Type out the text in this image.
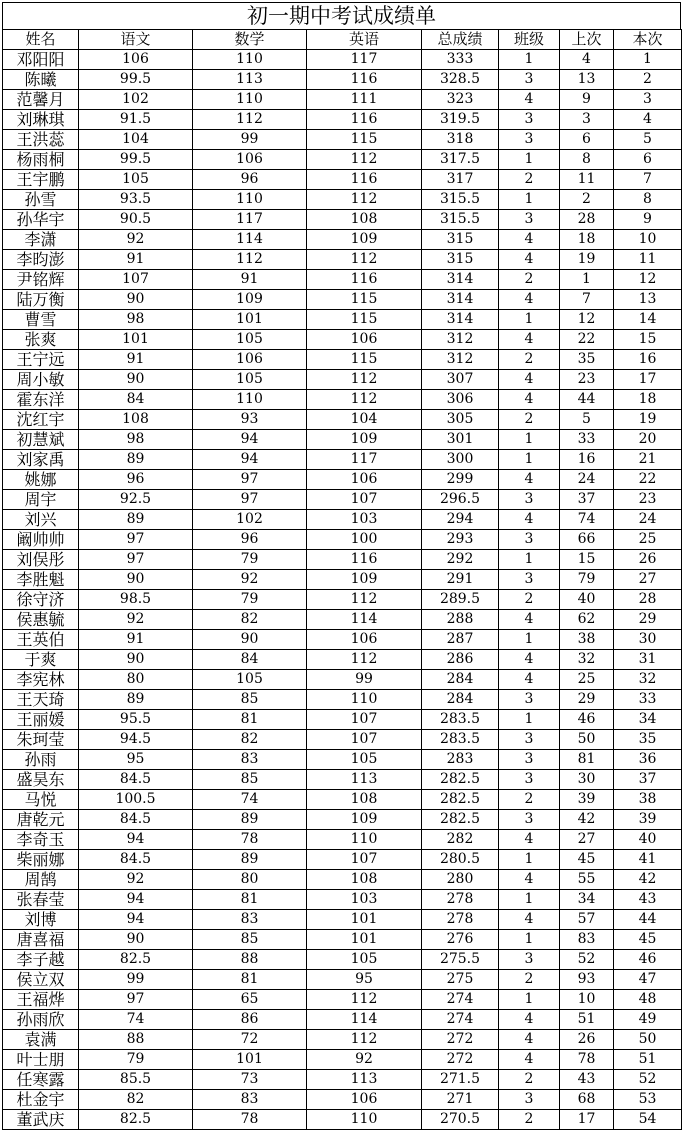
初一期中考试成绩单
姓名	语文	数学	英语	总成绩	班级	上次	本次
邓阳阳	106	110	117	333	1	4	1
陈曦	99.5	113	116	328.5	3	13	2
范馨月	102	110	111	323	4	9	3
刘琳琪	91.5	112	116	319.5	3	3	4
王洪蕊	104	99	115	318	3	6	5
杨雨桐	99.5	106	112	317.5	1	8	6
王宇鹏	105	96	116	317	2	11	7
孙雪	93.5	110	112	315.5	1	2	8
孙华宇	90.5	117	108	315.5	3	28	9
李潇	92	114	109	315	4	18	10
李昀澎	91	112	112	315	4	19	11
尹铭辉	107	91	116	314	2	1	12
陆万衡	90	109	115	314	4	7	13
曹雪	98	101	115	314	1	12	14
张爽	101	105	106	312	4	22	15
王宁远	91	106	115	312	2	35	16
周小敏	90	105	112	307	4	23	17
霍东洋	84	110	112	306	4	44	18
沈红宇	108	93	104	305	2	5	19
初慧斌	98	94	109	301	1	33	20
刘家禹	89	94	117	300	1	16	21
姚娜	96	97	106	299	4	24	22
周宇	92.5	97	107	296.5	3	37	23
刘兴	89	102	103	294	4	74	24
阚帅帅	97	96	100	293	3	66	25
刘俣彤	97	79	116	292	1	15	26
李胜魁	90	92	109	291	3	79	27
徐守济	98.5	79	112	289.5	2	40	28
侯惠毓	92	82	114	288	4	62	29
王英伯	91	90	106	287	1	38	30
于爽	90	84	112	286	4	32	31
李宪林	80	105	99	284	4	25	32
王天琦	89	85	110	284	3	29	33
王丽媛	95.5	81	107	283.5	1	46	34
朱珂莹	94.5	82	107	283.5	3	50	35
孙雨	95	83	105	283	3	81	36
盛昊东	84.5	85	113	282.5	3	30	37
马悦	100.5	74	108	282.5	2	39	38
唐乾元	84.5	89	109	282.5	3	42	39
李奇玉	94	78	110	282	4	27	40
柴丽娜	84.5	89	107	280.5	1	45	41
周鹄	92	80	108	280	4	55	42
张春莹	94	81	103	278	1	34	43
刘博	94	83	101	278	4	57	44
唐喜福	90	85	101	276	1	83	45
李子越	82.5	88	105	275.5	3	52	46
侯立双	99	81	95	275	2	93	47
王福烨	97	65	112	274	1	10	48
孙雨欣	74	86	114	274	4	51	49
袁满	88	72	112	272	4	26	50
叶士朋	79	101	92	272	4	78	51
任寒露	85.5	73	113	271.5	2	43	52
杜金宇	82	83	106	271	3	68	53
董武庆	82.5	78	110	270.5	2	17	54
